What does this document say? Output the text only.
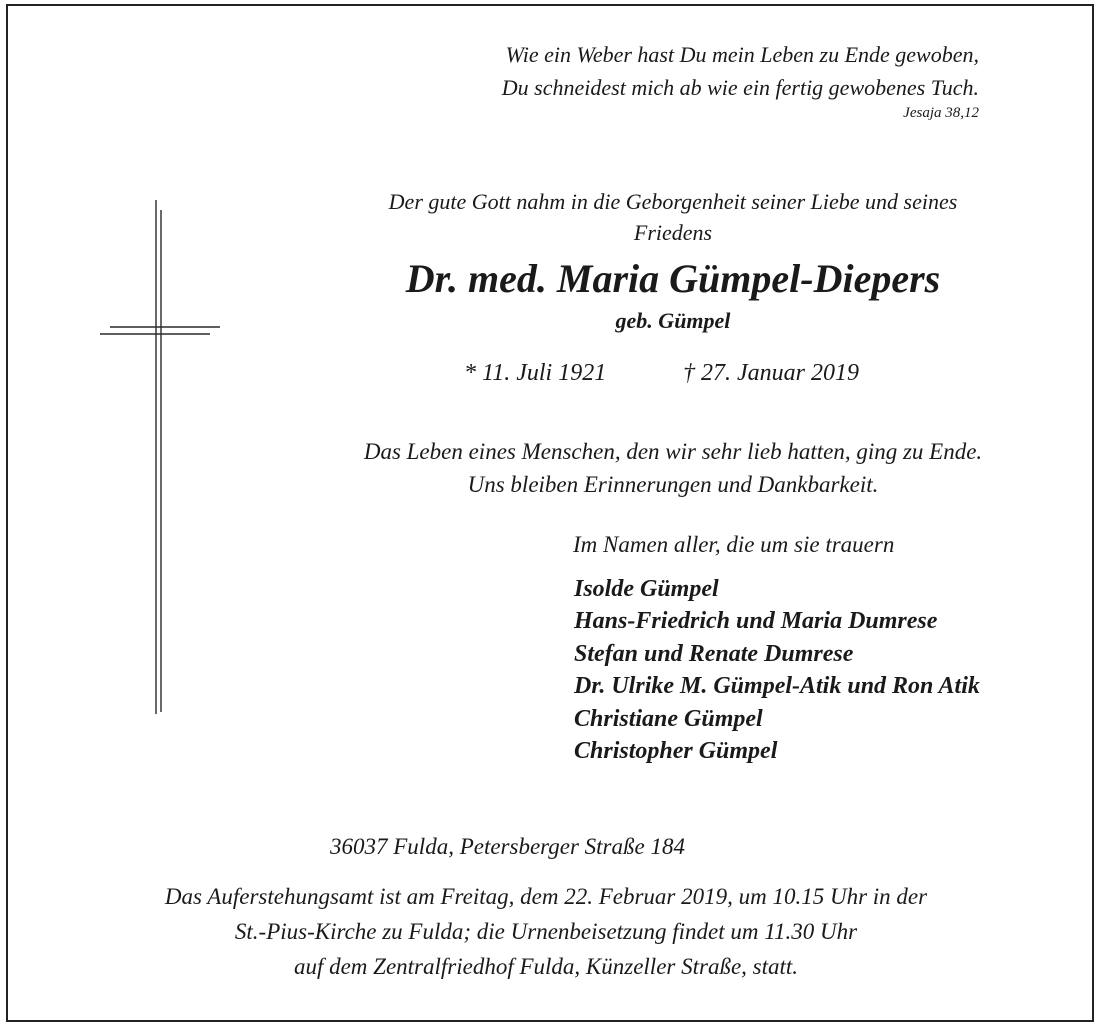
Wie ein Weber hast Du mein Leben zu Ende gewoben,
Du schneidest mich ab wie ein fertig gewobenes Tuch.
Jesaja 38,12
Der gute Gott nahm in die Geborgenheit seiner Liebe und seines
Friedens
Dr. med. Maria Gümpel-Diepers
geb. Gümpel
* 11. Juli 1921	† 27. Januar 2019
Das Leben eines Menschen, den wir sehr lieb hatten, ging zu Ende.
Uns bleiben Erinnerungen und Dankbarkeit.
Im Namen aller, die um sie trauern
Isolde Gümpel
Hans-Friedrich und Maria Dumrese
Stefan und Renate Dumrese
Dr. Ulrike M. Gümpel-Atik und Ron Atik
Christiane Gümpel
Christopher Gümpel
36037 Fulda, Petersberger Straße 184
Das Auferstehungsamt ist am Freitag, dem 22. Februar 2019, um 10.15 Uhr in der
St.-Pius-Kirche zu Fulda; die Urnenbeisetzung findet um 11.30 Uhr
auf dem Zentralfriedhof Fulda, Künzeller Straße, statt.
